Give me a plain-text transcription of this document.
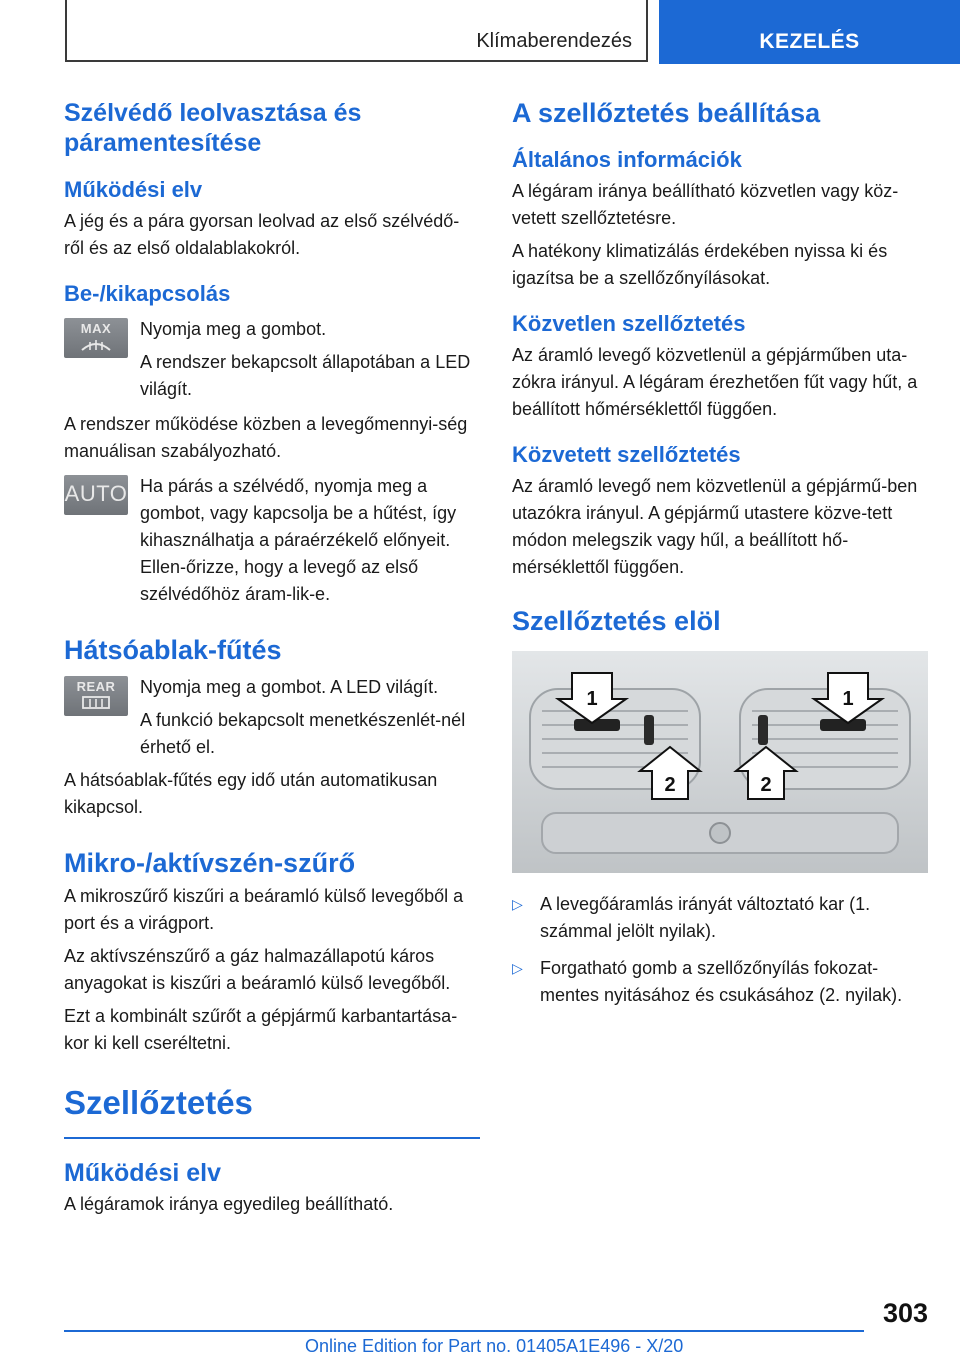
Klímaberendezés	KEZELÉS
Szélvédő leolvasztása és páramentesítése
Működési elv

A jég és a pára gyorsan leolvad az első szélvédő-ről és az első oldalablakokról.

Be-/kikapcsolás
MAX	Nyomja meg a gombot.

A rendszer bekapcsolt állapotában a LED világít.

A rendszer működése közben a levegőmennyi-ség manuálisan szabályozható.

AUTO Ha párás a szélvédő, nyomja meg a gombot, vagy kapcsolja be a hűtést, így kihasználhatja a páraérzékelő előnyeit. Ellen-őrizze, hogy a levegő az első szélvédőhöz áram-lik-e.

Hátsóablak-fűtés
REAR	Nyomja meg a gombot. A LED világít.

A funkció bekapcsolt menetkészenlét-nél érhető el.

A hátsóablak-fűtés egy idő után automatikusan kikapcsol.

Mikro-/aktívszén-szűrő

A mikroszűrő kiszűri a beáramló külső levegőből a port és a virágport.

Az aktívszénszűrő a gáz halmazállapotú káros anyagokat is kiszűri a beáramló külső levegőből.

Ezt a kombinált szűrőt a gépjármű karbantartása-kor ki kell cseréltetni.

Szellőztetés
Működési elv

A légáramok iránya egyedileg beállítható.

A szellőztetés beállítása
Általános információk

A légáram iránya beállítható közvetlen vagy köz-vetett szellőztetésre.

A hatékony klimatizálás érdekében nyissa ki és igazítsa be a szellőzőnyílásokat.

Közvetlen szellőztetés

Az áramló levegő közvetlenül a gépjárműben uta-zókra irányul. A légáram érezhetően fűt vagy hűt, a beállított hőmérséklettől függően.

Közvetett szellőztetés

Az áramló levegő nem közvetlenül a gépjármű-ben utazókra irányul. A gépjármű utastere közve-tett módon melegszik vagy hűl, a beállított hő-mérséklettől függően.

Szellőztetés elöl
1	1
2	2
▷ A levegőáramlás irányát változtató kar (1. számmal jelölt nyilak).
▷ Forgatható gomb a szellőzőnyílás fokozat-mentes nyitásához és csukásához (2. nyilak).
303
Online Edition for Part no. 01405A1E496 - X/20
